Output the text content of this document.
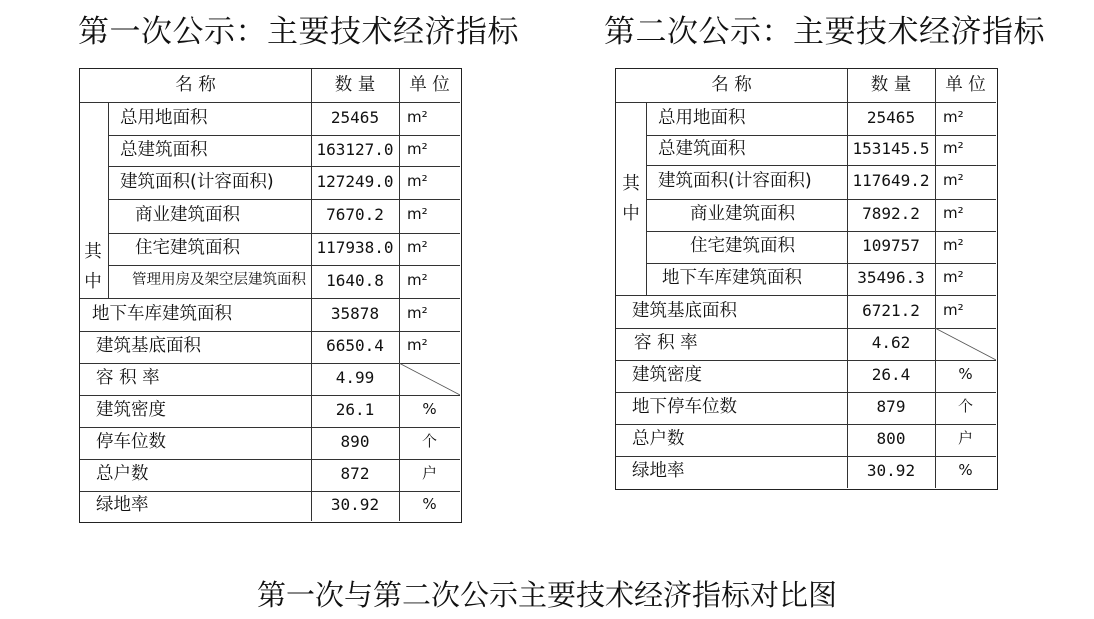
第一次公示：主要技术经济指标	第二次公示：主要技术经济指标
名 称	数 量	单 位
总用地面积	25465	m²
总建筑面积	163127.0 m²
建筑面积(计容面积)	127249.0 m²
商业建筑面积	7670.2	m²
住宅建筑面积	117938.0 m²
管理用房及架空层建筑面积	1640.8	m²
地下车库建筑面积	35878	m²
建筑基底面积	6650.4	m²
容 积 率	4.99
建筑密度	26.1	%
停车位数	890	个
总户数	872	户
绿地率	30.92	%
其
中
名 称	数 量	单 位
总用地面积	25465	m²
总建筑面积	153145.5 m²
建筑面积(计容面积)	117649.2 m²
商业建筑面积	7892.2	m²
住宅建筑面积	109757	m²
地下车库建筑面积	35496.3	m²
建筑基底面积	6721.2	m²
容 积 率	4.62
建筑密度	26.4	%
地下停车位数	879	个
总户数	800	户
绿地率	30.92	%
其
中
第一次与第二次公示主要技术经济指标对比图
